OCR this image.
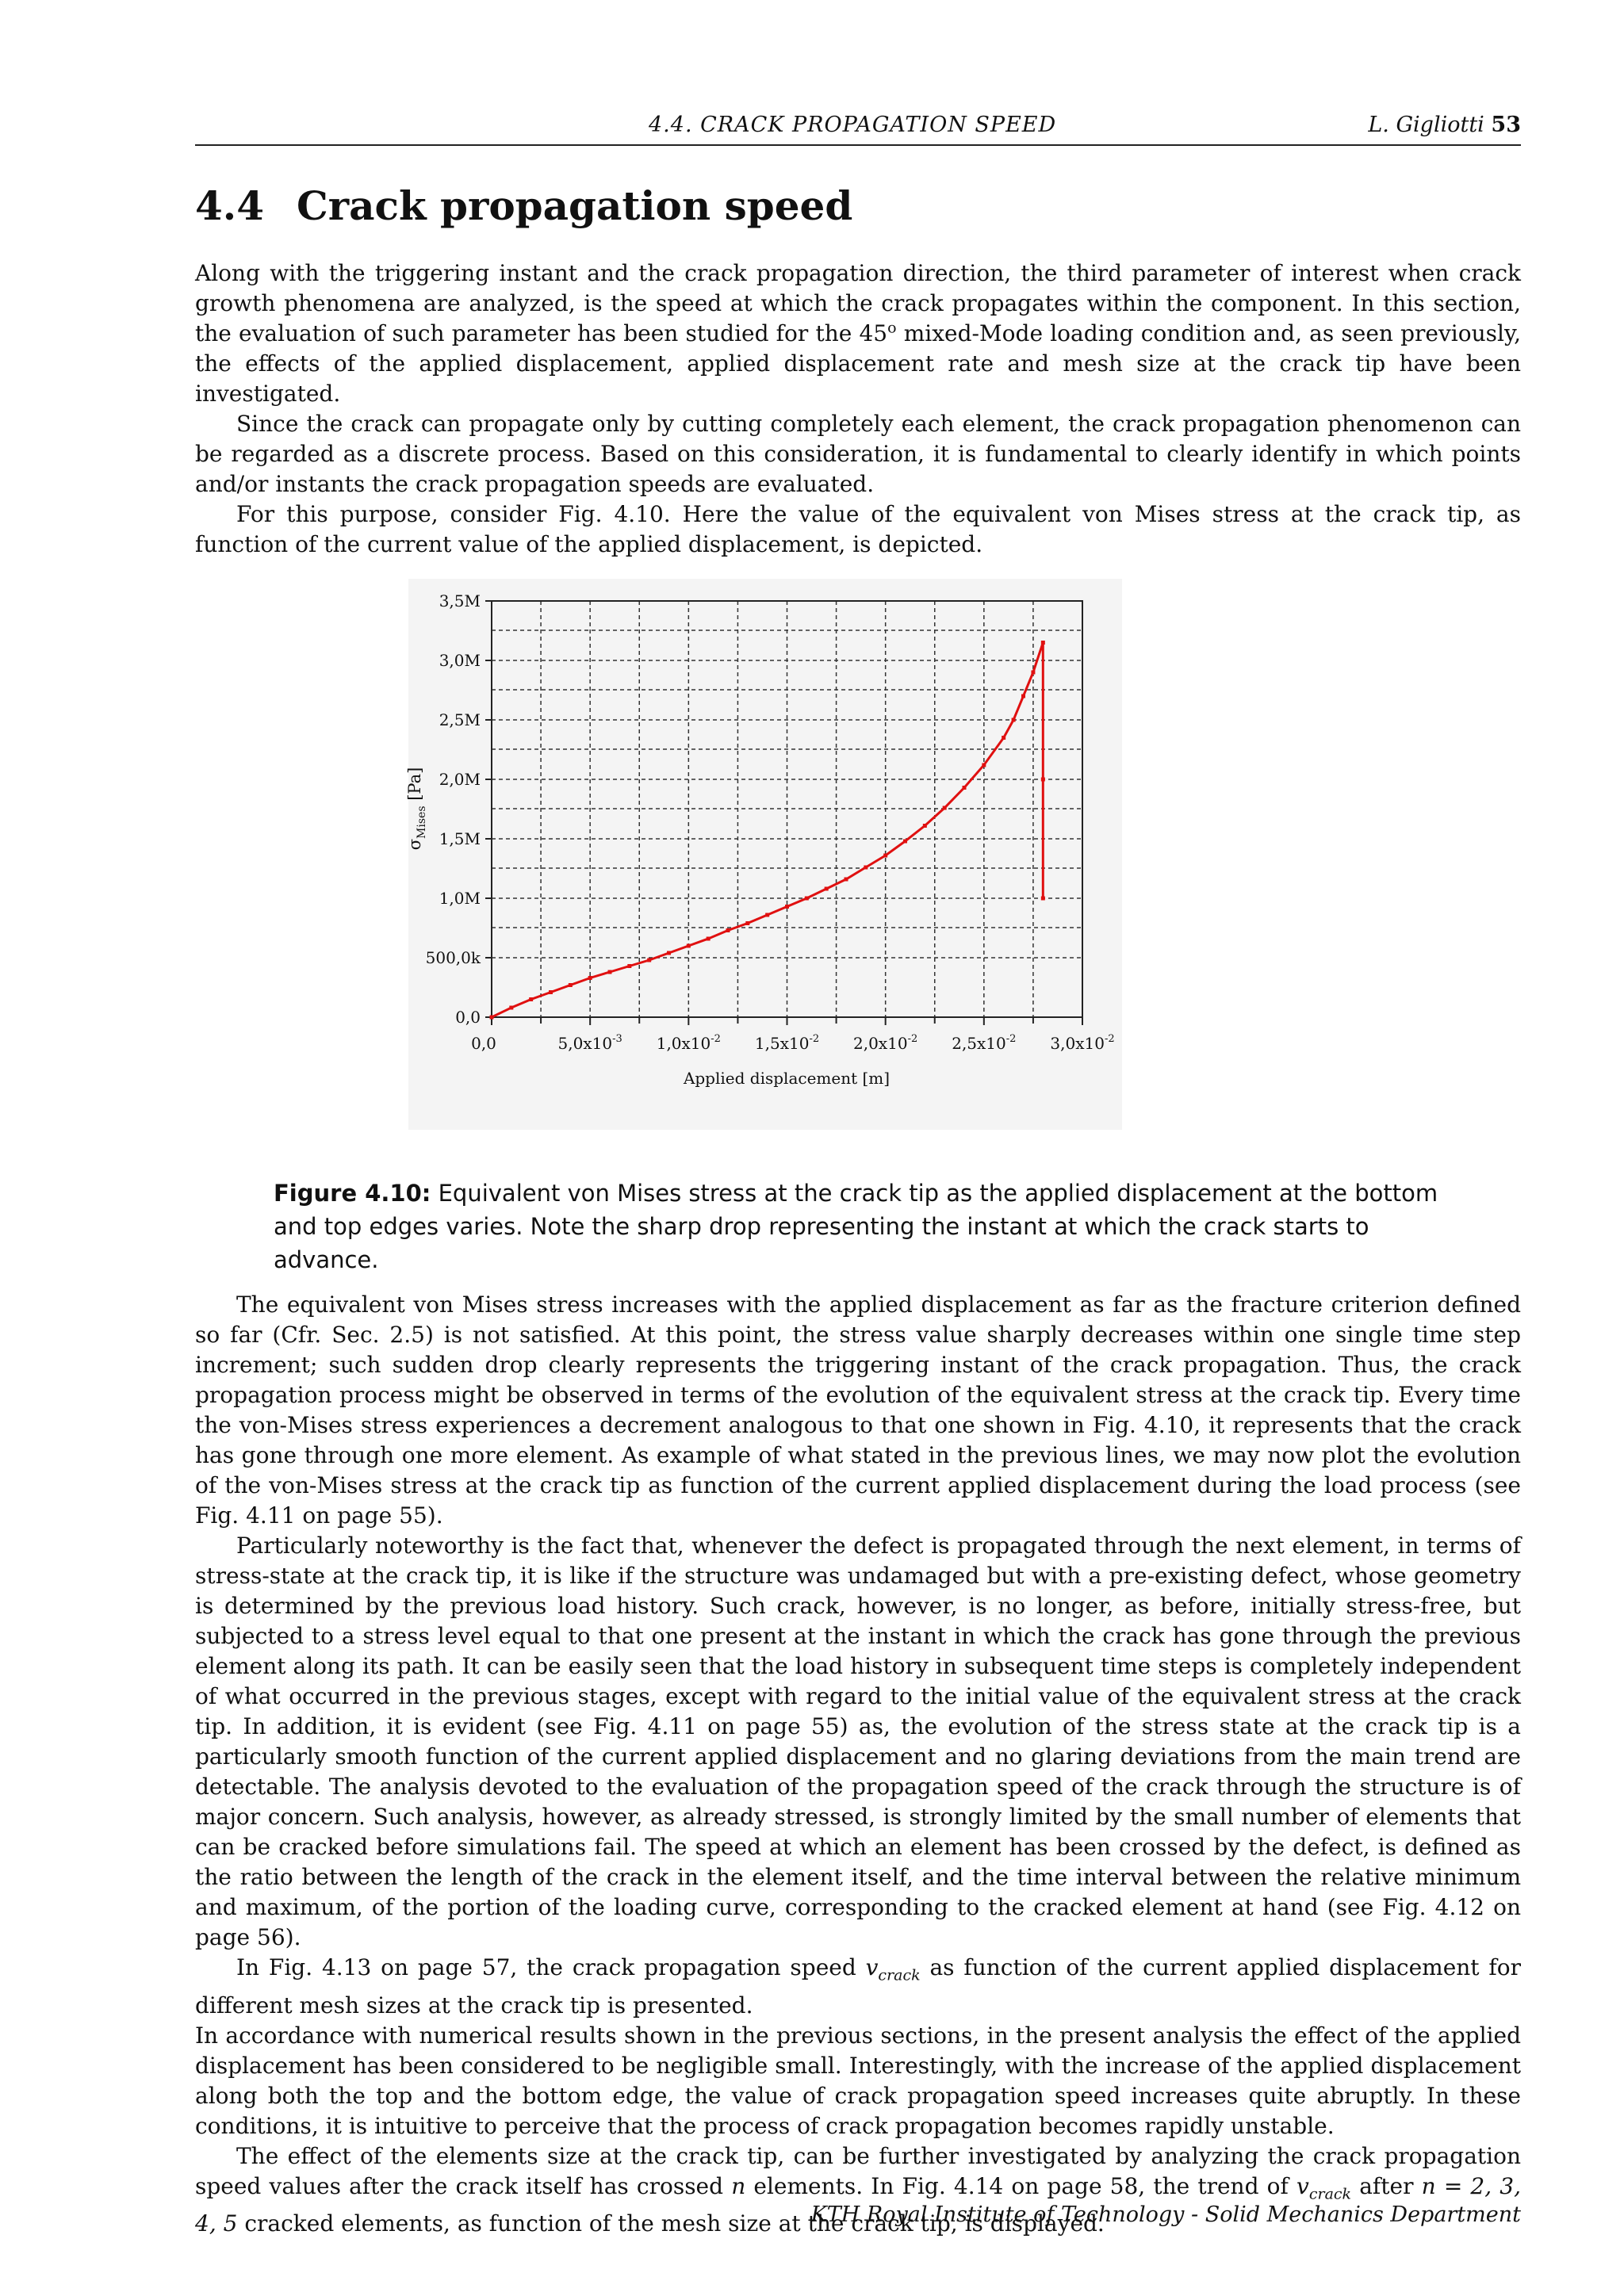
4.4. CRACK PROPAGATION SPEED	L. Gigliotti 53
4.4 Crack propagation speed

Along with the triggering instant and the crack propagation direction, the third parameter of interest when crack growth phenomena are analyzed, is the speed at which the crack propagates within the component. In this section, the evaluation of such parameter has been studied for the 45$^o$ mixed-Mode loading condition and, as seen previously, the effects of the applied displacement, applied displacement rate and mesh size at the crack tip have been investigated.

Since the crack can propagate only by cutting completely each element, the crack propagation phenomenon can be regarded as a discrete process. Based on this consideration, it is fundamental to clearly identify in which points and/or instants the crack propagation speeds are evaluated.

For this purpose, consider Fig. 4.10. Here the value of the equivalent von Mises stress at the crack tip, as function of the current value of the applied displacement, is depicted.

0,0
500,0k
1,0M
1,5M
2,0M
2,5M
3,0M
3,5M
0,0	$5,0x10^{-3}$ $1,0x10^{-2}$ $1,5x10^{-2}$ $2,0x10^{-2}$ $2,5x10^{-2}$ $3,0x10^{-2}$
Applied displacement [m]
$\sigma_{Mises}$ [Pa]
Figure 4.10: Equivalent von Mises stress at the crack tip as the applied displacement at the bottom and top edges varies. Note the sharp drop representing the instant at which the crack starts to advance.

The equivalent von Mises stress increases with the applied displacement as far as the fracture criterion defined so far (Cfr. Sec. 2.5) is not satisfied. At this point, the stress value sharply decreases within one single time step increment; such sudden drop clearly represents the triggering instant of the crack propagation. Thus, the crack propagation process might be observed in terms of the evolution of the equivalent stress at the crack tip. Every time the von-Mises stress experiences a decrement analogous to that one shown in Fig. 4.10, it represents that the crack has gone through one more element. As example of what stated in the previous lines, we may now plot the evolution of the von-Mises stress at the crack tip as function of the current applied displacement during the load process (see Fig. 4.11 on page 55).

Particularly noteworthy is the fact that, whenever the defect is propagated through the next element, in terms of stress-state at the crack tip, it is like if the structure was undamaged but with a pre-existing defect, whose geometry is determined by the previous load history. Such crack, however, is no longer, as before, initially stress-free, but subjected to a stress level equal to that one present at the instant in which the crack has gone through the previous element along its path. It can be easily seen that the load history in subsequent time steps is completely independent of what occurred in the previous stages, except with regard to the initial value of the equivalent stress at the crack tip. In addition, it is evident (see Fig. 4.11 on page 55) as, the evolution of the stress state at the crack tip is a particularly smooth function of the current applied displacement and no glaring deviations from the main trend are detectable. The analysis devoted to the evaluation of the propagation speed of the crack through the structure is of major concern. Such analysis, however, as already stressed, is strongly limited by the small number of elements that can be cracked before simulations fail. The speed at which an element has been crossed by the defect, is defined as the ratio between the length of the crack in the element itself, and the time interval between the relative minimum and maximum, of the portion of the loading curve, corresponding to the cracked element at hand (see Fig. 4.12 on page 56).

In Fig. 4.13 on page 57, the crack propagation speed $v_{crack}$ as function of the current applied displacement for different mesh sizes at the crack tip is presented.

In accordance with numerical results shown in the previous sections, in the present analysis the effect of the applied displacement has been considered to be negligible small. Interestingly, with the increase of the applied displacement along both the top and the bottom edge, the value of crack propagation speed increases quite abruptly. In these conditions, it is intuitive to perceive that the process of crack propagation becomes rapidly unstable.

The effect of the elements size at the crack tip, can be further investigated by analyzing the crack propagation speed values after the crack itself has crossed n elements. In Fig. 4.14 on page 58, the trend of $v_{crack}$ after n = 2, 3, 4, 5 cracked elements, as function of the mesh size at the crack tip, is displayed.

KTH Royal Institute of Technology - Solid Mechanics Department
